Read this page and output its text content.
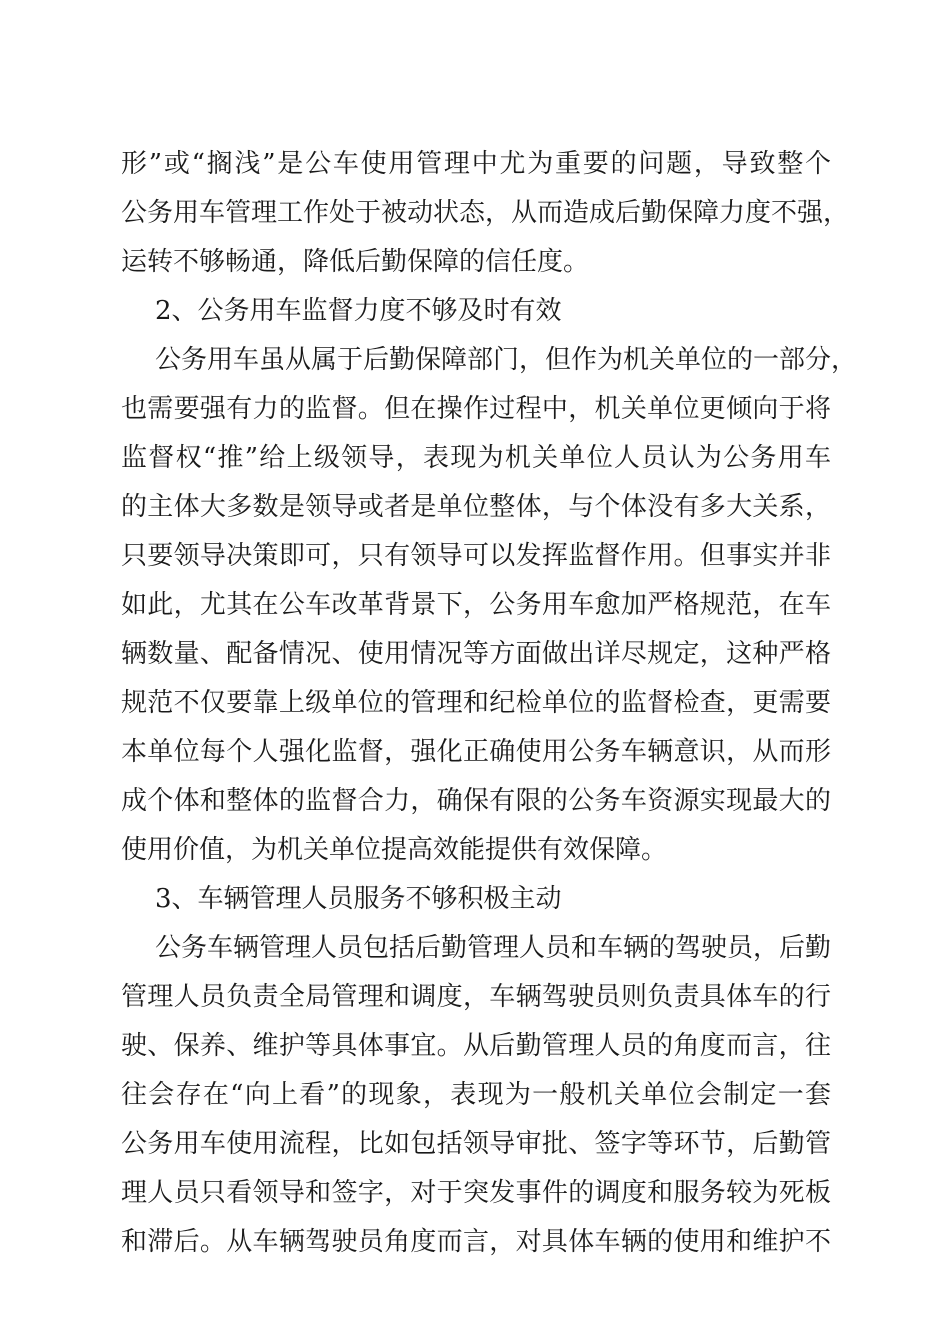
形”或“搁浅”是公车使用管理中尤为重要的问题，导致整个
公务用车管理工作处于被动状态，从而造成后勤保障力度不强，
运转不够畅通，降低后勤保障的信任度。
2、公务用车监督力度不够及时有效
公务用车虽从属于后勤保障部门，但作为机关单位的一部分，
也需要强有力的监督。但在操作过程中，机关单位更倾向于将
监督权“推”给上级领导，表现为机关单位人员认为公务用车
的主体大多数是领导或者是单位整体，与个体没有多大关系，
只要领导决策即可，只有领导可以发挥监督作用。但事实并非
如此，尤其在公车改革背景下，公务用车愈加严格规范，在车
辆数量、配备情况、使用情况等方面做出详尽规定，这种严格
规范不仅要靠上级单位的管理和纪检单位的监督检查，更需要
本单位每个人强化监督，强化正确使用公务车辆意识，从而形
成个体和整体的监督合力，确保有限的公务车资源实现最大的
使用价值，为机关单位提高效能提供有效保障。
3、车辆管理人员服务不够积极主动
公务车辆管理人员包括后勤管理人员和车辆的驾驶员，后勤
管理人员负责全局管理和调度，车辆驾驶员则负责具体车的行
驶、保养、维护等具体事宜。从后勤管理人员的角度而言，往
往会存在“向上看”的现象，表现为一般机关单位会制定一套
公务用车使用流程，比如包括领导审批、签字等环节，后勤管
理人员只看领导和签字，对于突发事件的调度和服务较为死板
和滞后。从车辆驾驶员角度而言，对具体车辆的使用和维护不
